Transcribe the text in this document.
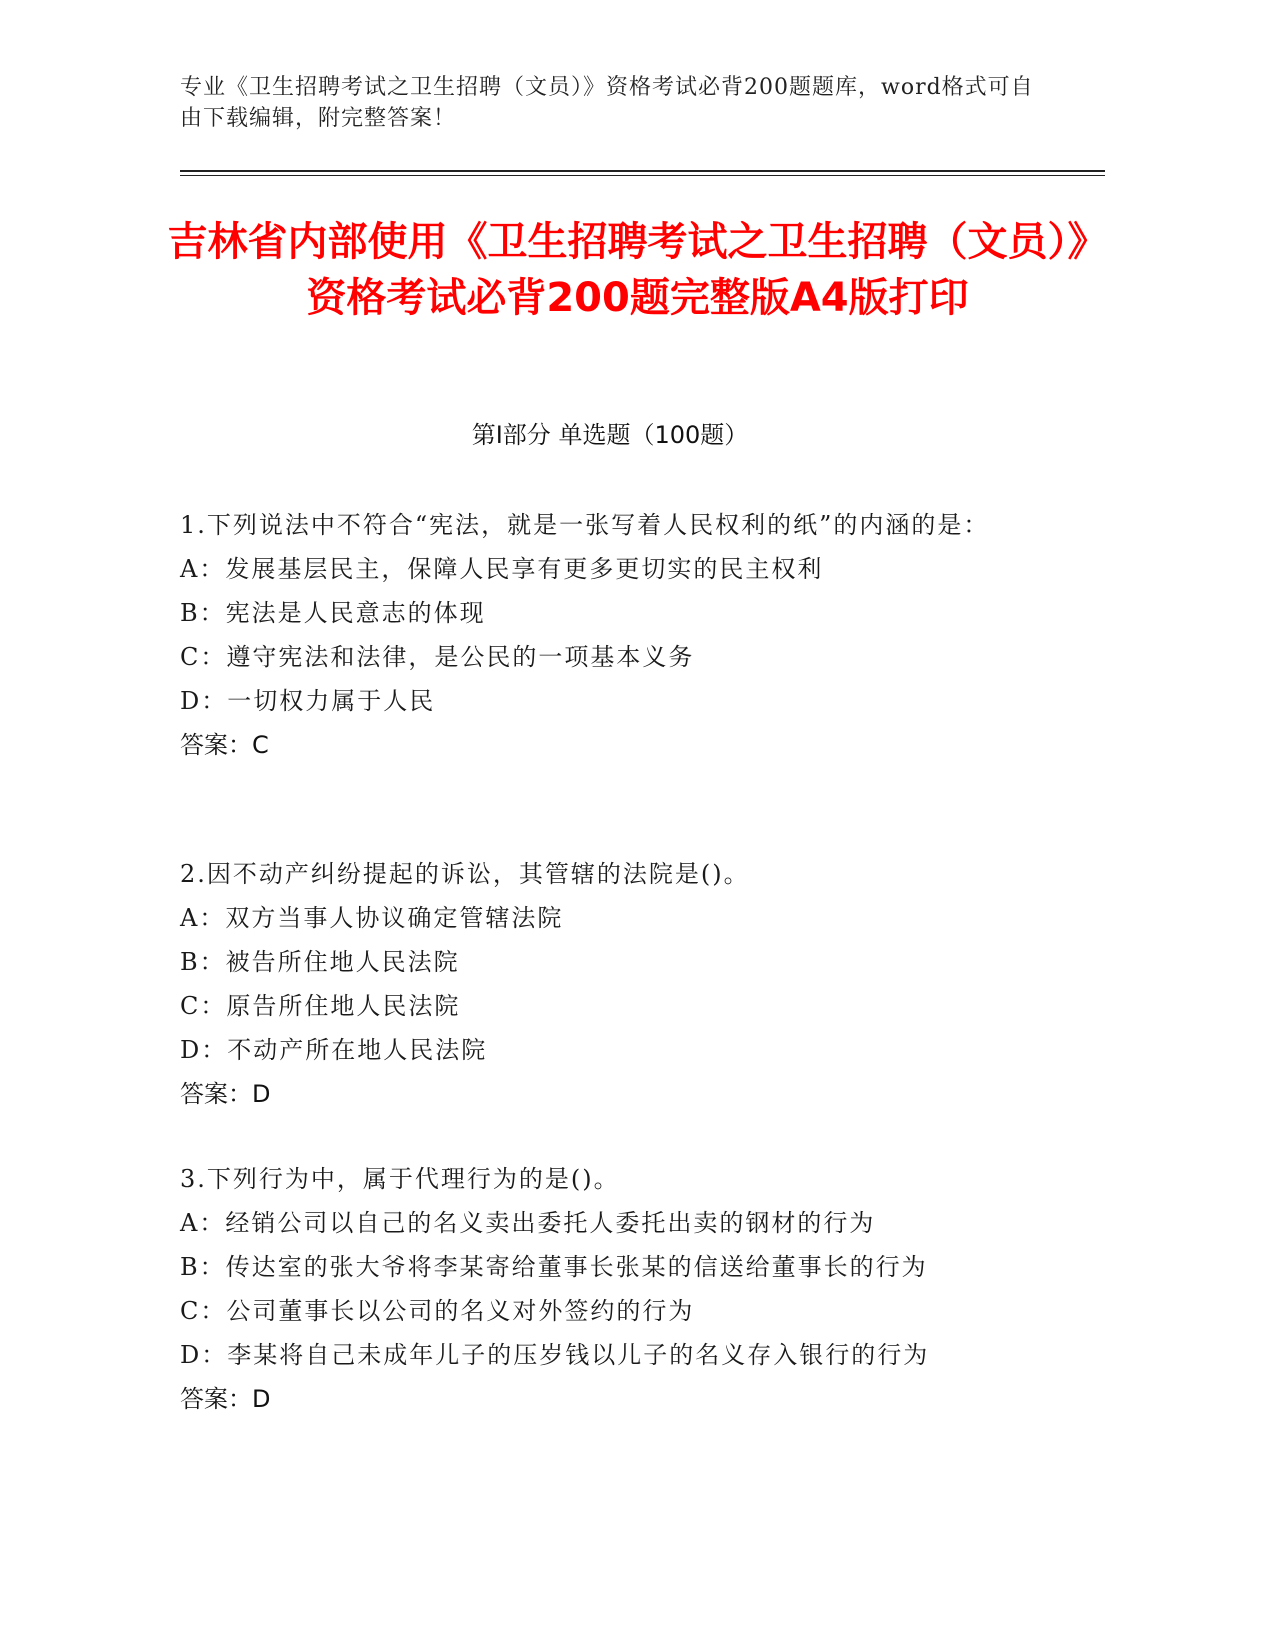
专业《卫生招聘考试之卫生招聘（文员）》资格考试必背200题题库，word格式可自由下载编辑，附完整答案！
吉林省内部使用《卫生招聘考试之卫生招聘（文员）》资格考试必背200题完整版A4版打印
第I部分 单选题（100题）
1.下列说法中不符合“宪法，就是一张写着人民权利的纸”的内涵的是：
A：发展基层民主，保障人民享有更多更切实的民主权利
B：宪法是人民意志的体现
C：遵守宪法和法律，是公民的一项基本义务
D：一切权力属于人民
答案：C
2.因不动产纠纷提起的诉讼，其管辖的法院是()。
A：双方当事人协议确定管辖法院
B：被告所住地人民法院
C：原告所住地人民法院
D：不动产所在地人民法院
答案：D
3.下列行为中，属于代理行为的是()。
A：经销公司以自己的名义卖出委托人委托出卖的钢材的行为
B：传达室的张大爷将李某寄给董事长张某的信送给董事长的行为
C：公司董事长以公司的名义对外签约的行为
D：李某将自己未成年儿子的压岁钱以儿子的名义存入银行的行为
答案：D
